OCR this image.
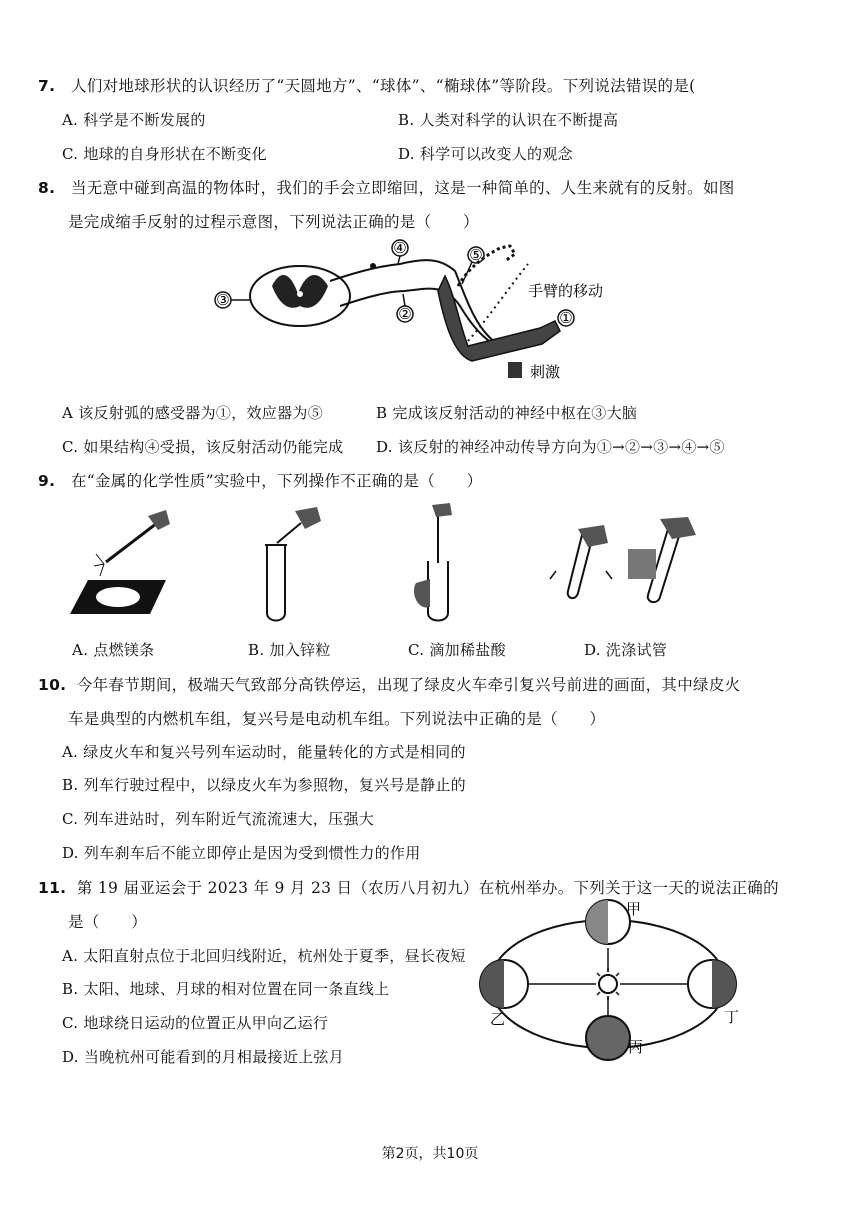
7. 人们对地球形状的认识经历了“天圆地方”、“球体”、“椭球体”等阶段。下列说法错误的是(
A. 科学是不断发展的	B. 人类对科学的认识在不断提高
C. 地球的自身形状在不断变化	D. 科学可以改变人的观念
8. 当无意中碰到高温的物体时，我们的手会立即缩回，这是一种简单的、人生来就有的反射。如图
是完成缩手反射的过程示意图，下列说法正确的是（　　）
③
④
②
⑤
①
手臂的移动
刺激
A 该反射弧的感受器为①，效应器为⑤	B 完成该反射活动的神经中枢在③大脑
C. 如果结构④受损，该反射活动仍能完成 D. 该反射的神经冲动传导方向为①→②→③→④→⑤
9. 在“金属的化学性质”实验中，下列操作不正确的是（　　）
A. 点燃镁条	B. 加入锌粒	C. 滴加稀盐酸	D. 洗涤试管
10. 今年春节期间，极端天气致部分高铁停运，出现了绿皮火车牵引复兴号前进的画面，其中绿皮火
车是典型的内燃机车组，复兴号是电动机车组。下列说法中正确的是（　　）
A. 绿皮火车和复兴号列车运动时，能量转化的方式是相同的
B. 列车行驶过程中，以绿皮火车为参照物，复兴号是静止的
C. 列车进站时，列车附近气流流速大，压强大
D. 列车刹车后不能立即停止是因为受到惯性力的作用
11. 第 19 届亚运会于 2023 年 9 月 23 日（农历八月初九）在杭州举办。下列关于这一天的说法正确的
是（　　）
A. 太阳直射点位于北回归线附近，杭州处于夏季，昼长夜短
B. 太阳、地球、月球的相对位置在同一条直线上
C. 地球绕日运动的位置正从甲向乙运行
D. 当晚杭州可能看到的月相最接近上弦月
甲
乙
丙
丁
第2页，共10页
